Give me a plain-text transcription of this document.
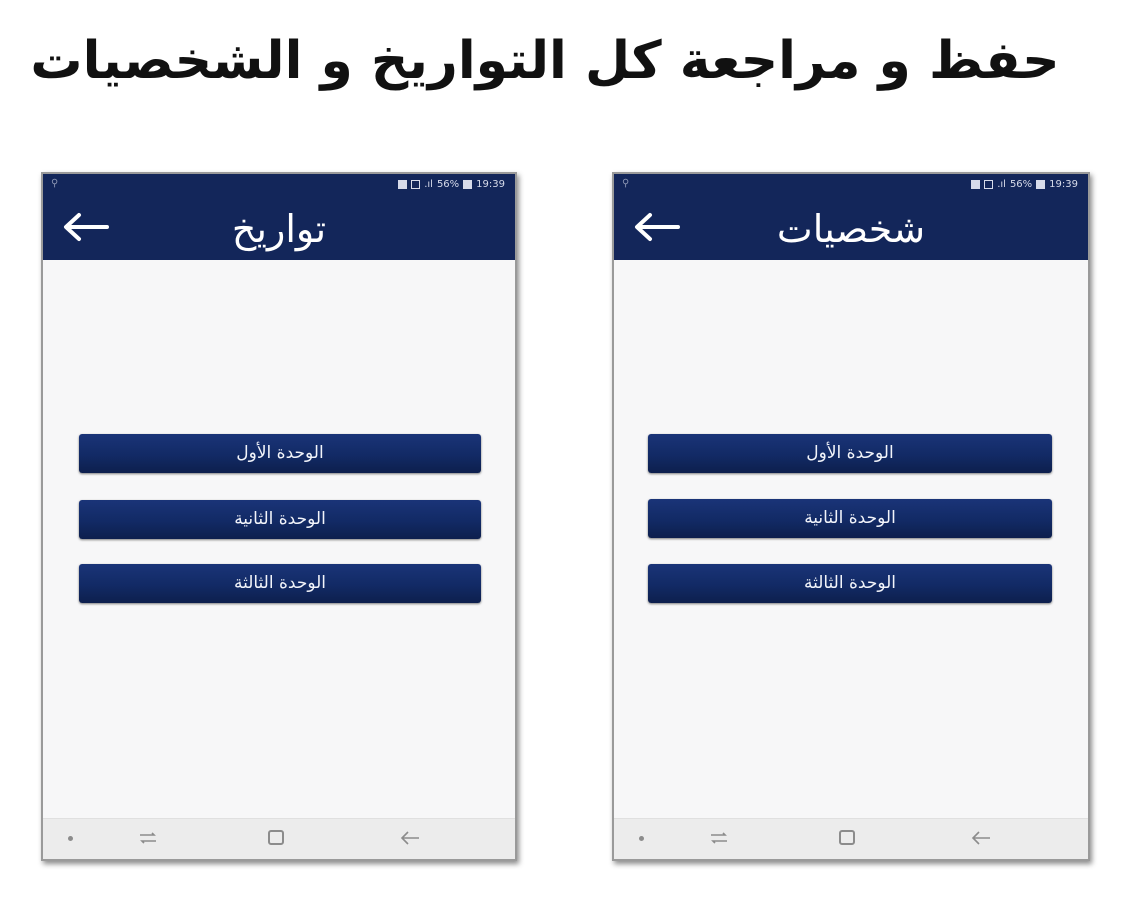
حفظ و مراجعة كل التواريخ و الشخصيات
⚲	.ıl 56% 19:39
تواريخ
الوحدة الأول
الوحدة الثانية
الوحدة الثالثة
⚲	.ıl 56% 19:39
شخصيات
الوحدة الأول
الوحدة الثانية
الوحدة الثالثة
